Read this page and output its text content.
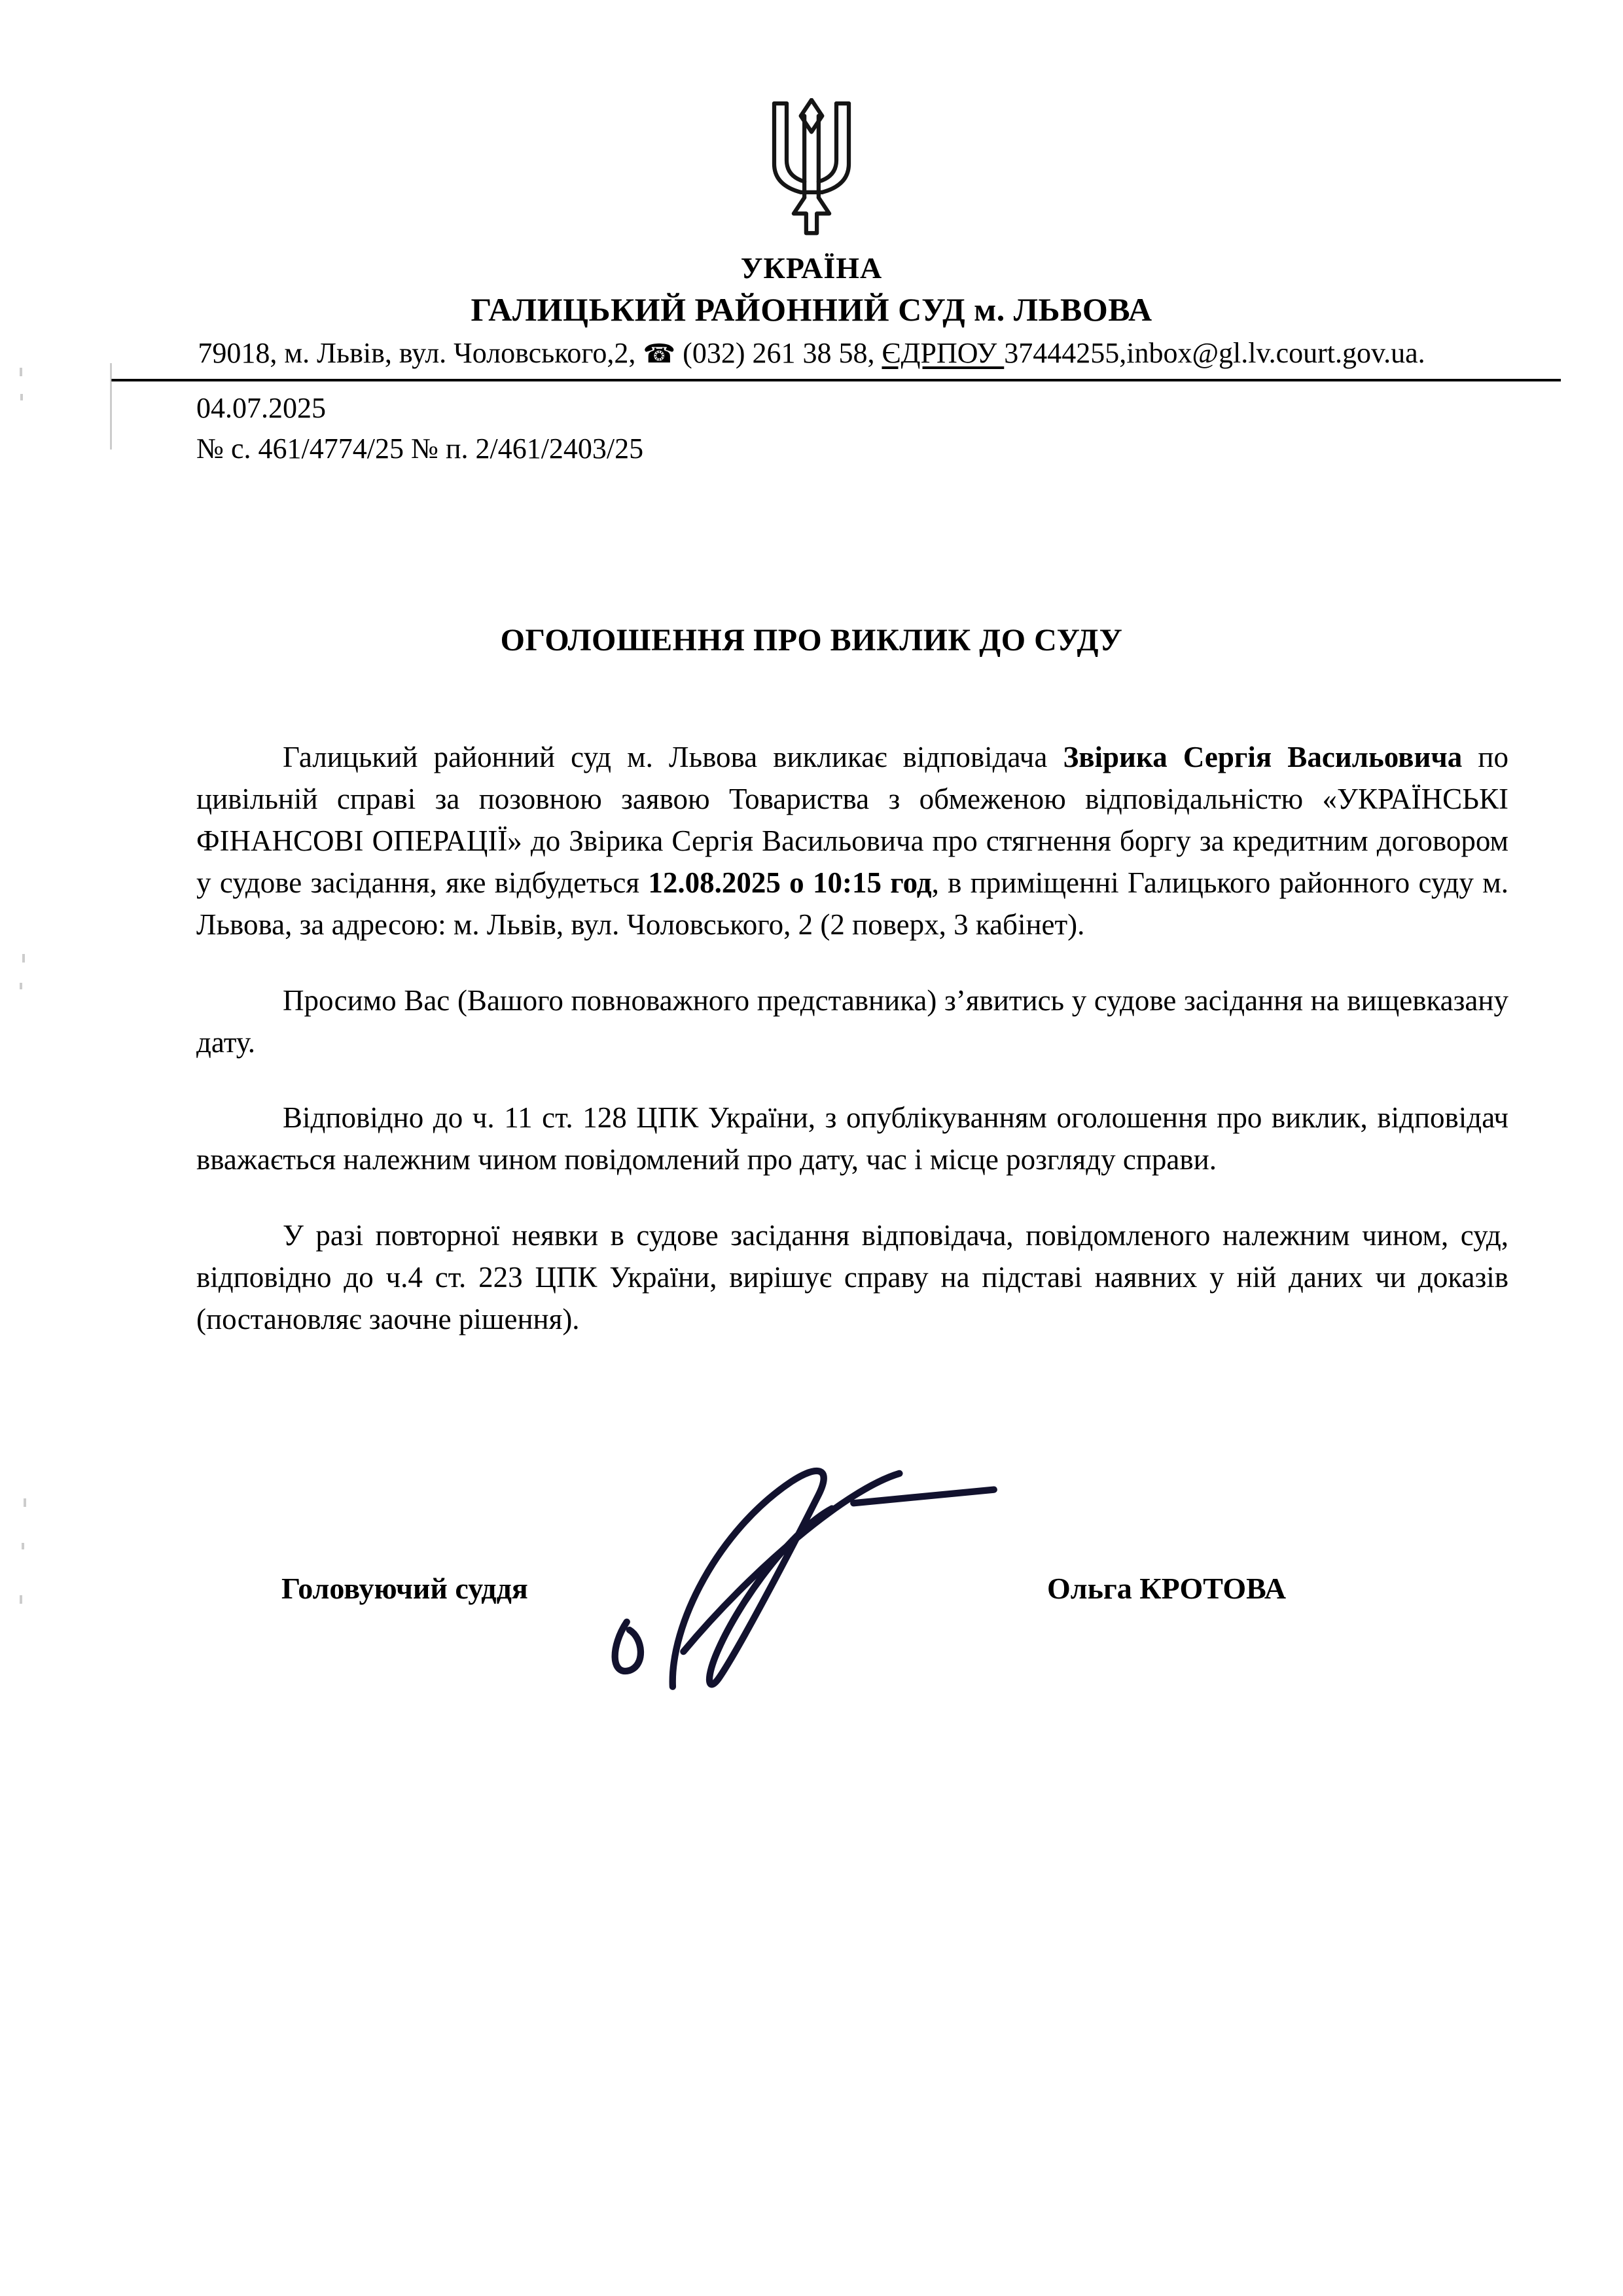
УКРАЇНА
ГАЛИЦЬКИЙ РАЙОННИЙ СУД м. ЛЬВОВА
79018, м. Львів, вул. Чоловського,2, ☎ (032) 261 38 58, ЄДРПОУ 37444255,inbox@gl.lv.court.gov.ua.
04.07.2025
№ с. 461/4774/25 № п. 2/461/2403/25
ОГОЛОШЕННЯ ПРО ВИКЛИК ДО СУДУ

Галицький районний суд м. Львова викликає відповідача Звірика Сергія Васильовича по цивільній справі за позовною заявою Товариства з обмеженою відповідальністю «УКРАЇНСЬКІ ФІНАНСОВІ ОПЕРАЦІЇ» до Звірика Сергія Васильовича про стягнення боргу за кредитним договором у судове засідання, яке відбудеться 12.08.2025 о 10:15 год, в приміщенні Галицького районного суду м. Львова, за адресою: м. Львів, вул. Чоловського, 2 (2 поверх, 3 кабінет).

Просимо Вас (Вашого повноважного представника) з’явитись у судове засідання на вищевказану дату.

Відповідно до ч. 11 ст. 128 ЦПК України, з опублікуванням оголошення про виклик, відповідач вважається належним чином повідомлений про дату, час і місце розгляду справи.

У разі повторної неявки в судове засідання відповідача, повідомленого належним чином, суд, відповідно до ч.4 ст. 223 ЦПК України, вирішує справу на підставі наявних у ній даних чи доказів (постановляє заочне рішення).

Головуючий суддя	Ольга КРОТОВА
